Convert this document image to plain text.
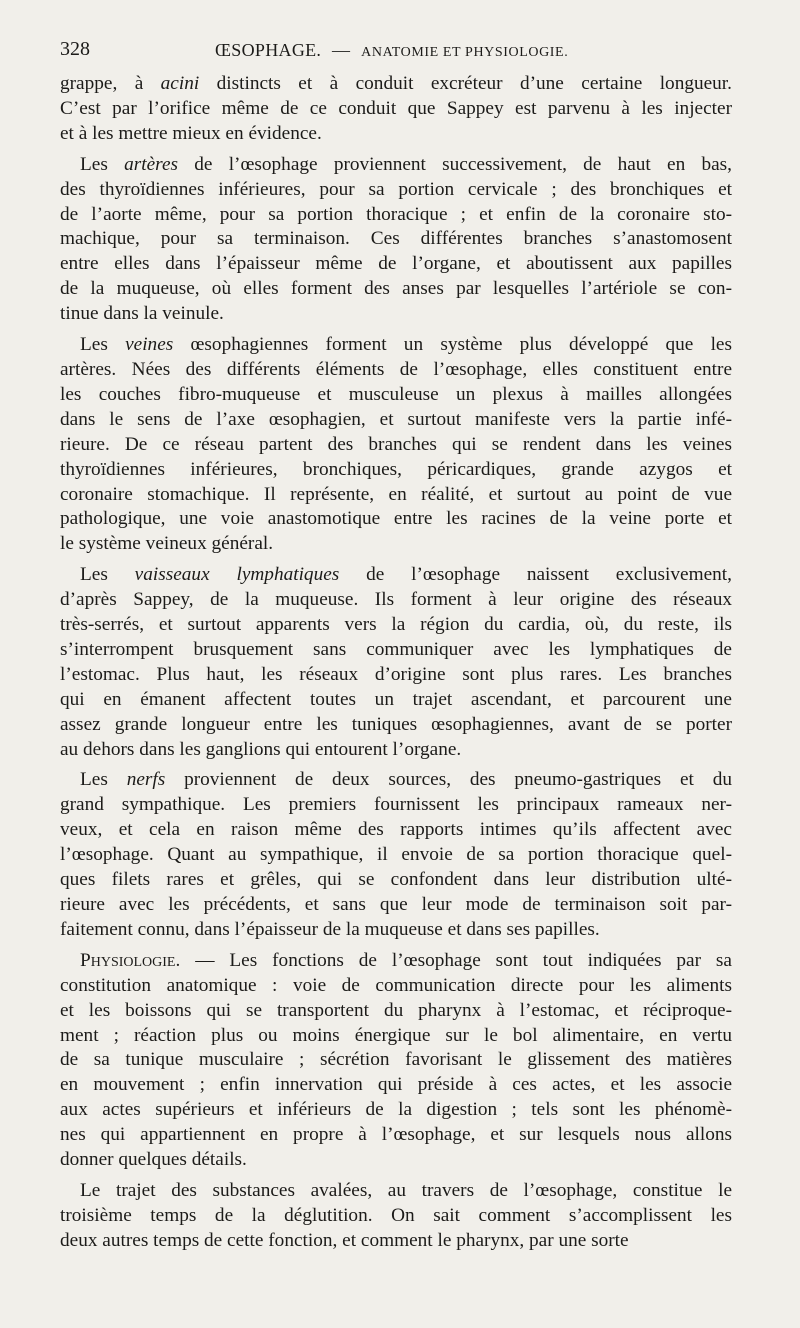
328	ŒSOPHAGE. — ANATOMIE ET PHYSIOLOGIE.

grappe, à acini distincts et à conduit excréteur d’une certaine longueur.
C’est par l’orifice même de ce conduit que Sappey est parvenu à les injecter
et à les mettre mieux en évidence.

Les artères de l’œsophage proviennent successivement, de haut en bas,
des thyroïdiennes inférieures, pour sa portion cervicale ; des bronchiques et
de l’aorte même, pour sa portion thoracique ; et enfin de la coronaire sto-
machique, pour sa terminaison. Ces différentes branches s’anastomosent
entre elles dans l’épaisseur même de l’organe, et aboutissent aux papilles
de la muqueuse, où elles forment des anses par lesquelles l’artériole se con-
tinue dans la veinule.

Les veines œsophagiennes forment un système plus développé que les
artères. Nées des différents éléments de l’œsophage, elles constituent entre
les couches fibro-muqueuse et musculeuse un plexus à mailles allongées
dans le sens de l’axe œsophagien, et surtout manifeste vers la partie infé-
rieure. De ce réseau partent des branches qui se rendent dans les veines
thyroïdiennes inférieures, bronchiques, péricardiques, grande azygos et
coronaire stomachique. Il représente, en réalité, et surtout au point de vue
pathologique, une voie anastomotique entre les racines de la veine porte et
le système veineux général.

Les vaisseaux lymphatiques de l’œsophage naissent exclusivement,
d’après Sappey, de la muqueuse. Ils forment à leur origine des réseaux
très-serrés, et surtout apparents vers la région du cardia, où, du reste, ils
s’interrompent brusquement sans communiquer avec les lymphatiques de
l’estomac. Plus haut, les réseaux d’origine sont plus rares. Les branches
qui en émanent affectent toutes un trajet ascendant, et parcourent une
assez grande longueur entre les tuniques œsophagiennes, avant de se porter
au dehors dans les ganglions qui entourent l’organe.

Les nerfs proviennent de deux sources, des pneumo-gastriques et du
grand sympathique. Les premiers fournissent les principaux rameaux ner-
veux, et cela en raison même des rapports intimes qu’ils affectent avec
l’œsophage. Quant au sympathique, il envoie de sa portion thoracique quel-
ques filets rares et grêles, qui se confondent dans leur distribution ulté-
rieure avec les précédents, et sans que leur mode de terminaison soit par-
faitement connu, dans l’épaisseur de la muqueuse et dans ses papilles.

Physiologie. — Les fonctions de l’œsophage sont tout indiquées par sa
constitution anatomique : voie de communication directe pour les aliments
et les boissons qui se transportent du pharynx à l’estomac, et réciproque-
ment ; réaction plus ou moins énergique sur le bol alimentaire, en vertu
de sa tunique musculaire ; sécrétion favorisant le glissement des matières
en mouvement ; enfin innervation qui préside à ces actes, et les associe
aux actes supérieurs et inférieurs de la digestion ; tels sont les phénomè-
nes qui appartiennent en propre à l’œsophage, et sur lesquels nous allons
donner quelques détails.

Le trajet des substances avalées, au travers de l’œsophage, constitue le
troisième temps de la déglutition. On sait comment s’accomplissent les
deux autres temps de cette fonction, et comment le pharynx, par une sorte
